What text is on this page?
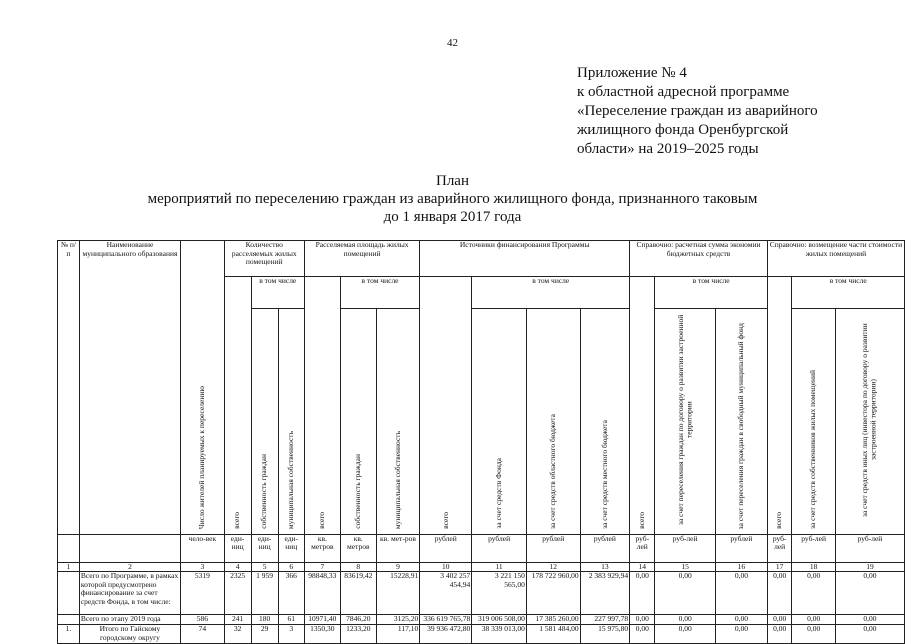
42
Приложение № 4
к областной адресной программе
«Переселение граждан из аварийного
жилищного фонда Оренбургской
области» на 2019–2025 годы
План
мероприятий по переселению граждан из аварийного жилищного фонда, признанного таковым
до 1 января 2017 года
№ п/п	Наименование муниципального образования	Число жителей планируемых к переселению	Количество расселяемых жилых помещений			Расселяемая площадь жилых помещений			Источники финансирования Программы				Справочно: расчетная сумма экономии бюджетных средств			Справочно: возмещение части стоимости жилых помещений		
			всего	в том числе		всего	в том числе		всего	в том числе			всего	в том числе		всего	в том числе	
				собственность граждан	муниципальная собственность		собственность граждан	муниципальная собственность		за счет средств Фонда	за счет средств областного бюджета	за счет средств местного бюджета		за счет переселения граждан по договору о развитии застроенной территории	за счет переселения граждан в свободный муниципальный фонд		за счет средств собственников жилых помещений	за счет средств иных лиц (инвестора по договору о развитии застроенной территории)
		чело-век	еди-ниц	еди-ниц	еди-ниц	кв. метров	кв. метров	кв. мет-ров	рублей	рублей	рублей	рублей	руб-лей	руб-лей	рублей	руб-лей	руб-лей	руб-лей
1	2	3	4	5	6	7	8	9	10	11	12	13	14	15	16	17	18	19
	Всего по Программе, в рамках которой предусмотрено финансирование за счет средств Фонда, в том числе:	5319	2325	1 959	366	98848,33	83619,42	15228,91	3 402 257 454,94	3 221 150 565,00	178 722 960,00	2 383 929,94	0,00	0,00	0,00	0,00	0,00	0,00
	Всего по этапу 2019 года	586	241	180	61	10971,40	7846,20	3125,20	336 619 765,78	319 006 508,00	17 385 260,00	227 997,78	0,00	0,00	0,00	0,00	0,00	0,00
1.	Итого по Гайскому городскому округу	74	32	29	3	1350,30	1233,20	117,10	39 936 472,80	38 339 013,00	1 581 484,00	15 975,80	0,00	0,00	0,00	0,00	0,00	0,00
